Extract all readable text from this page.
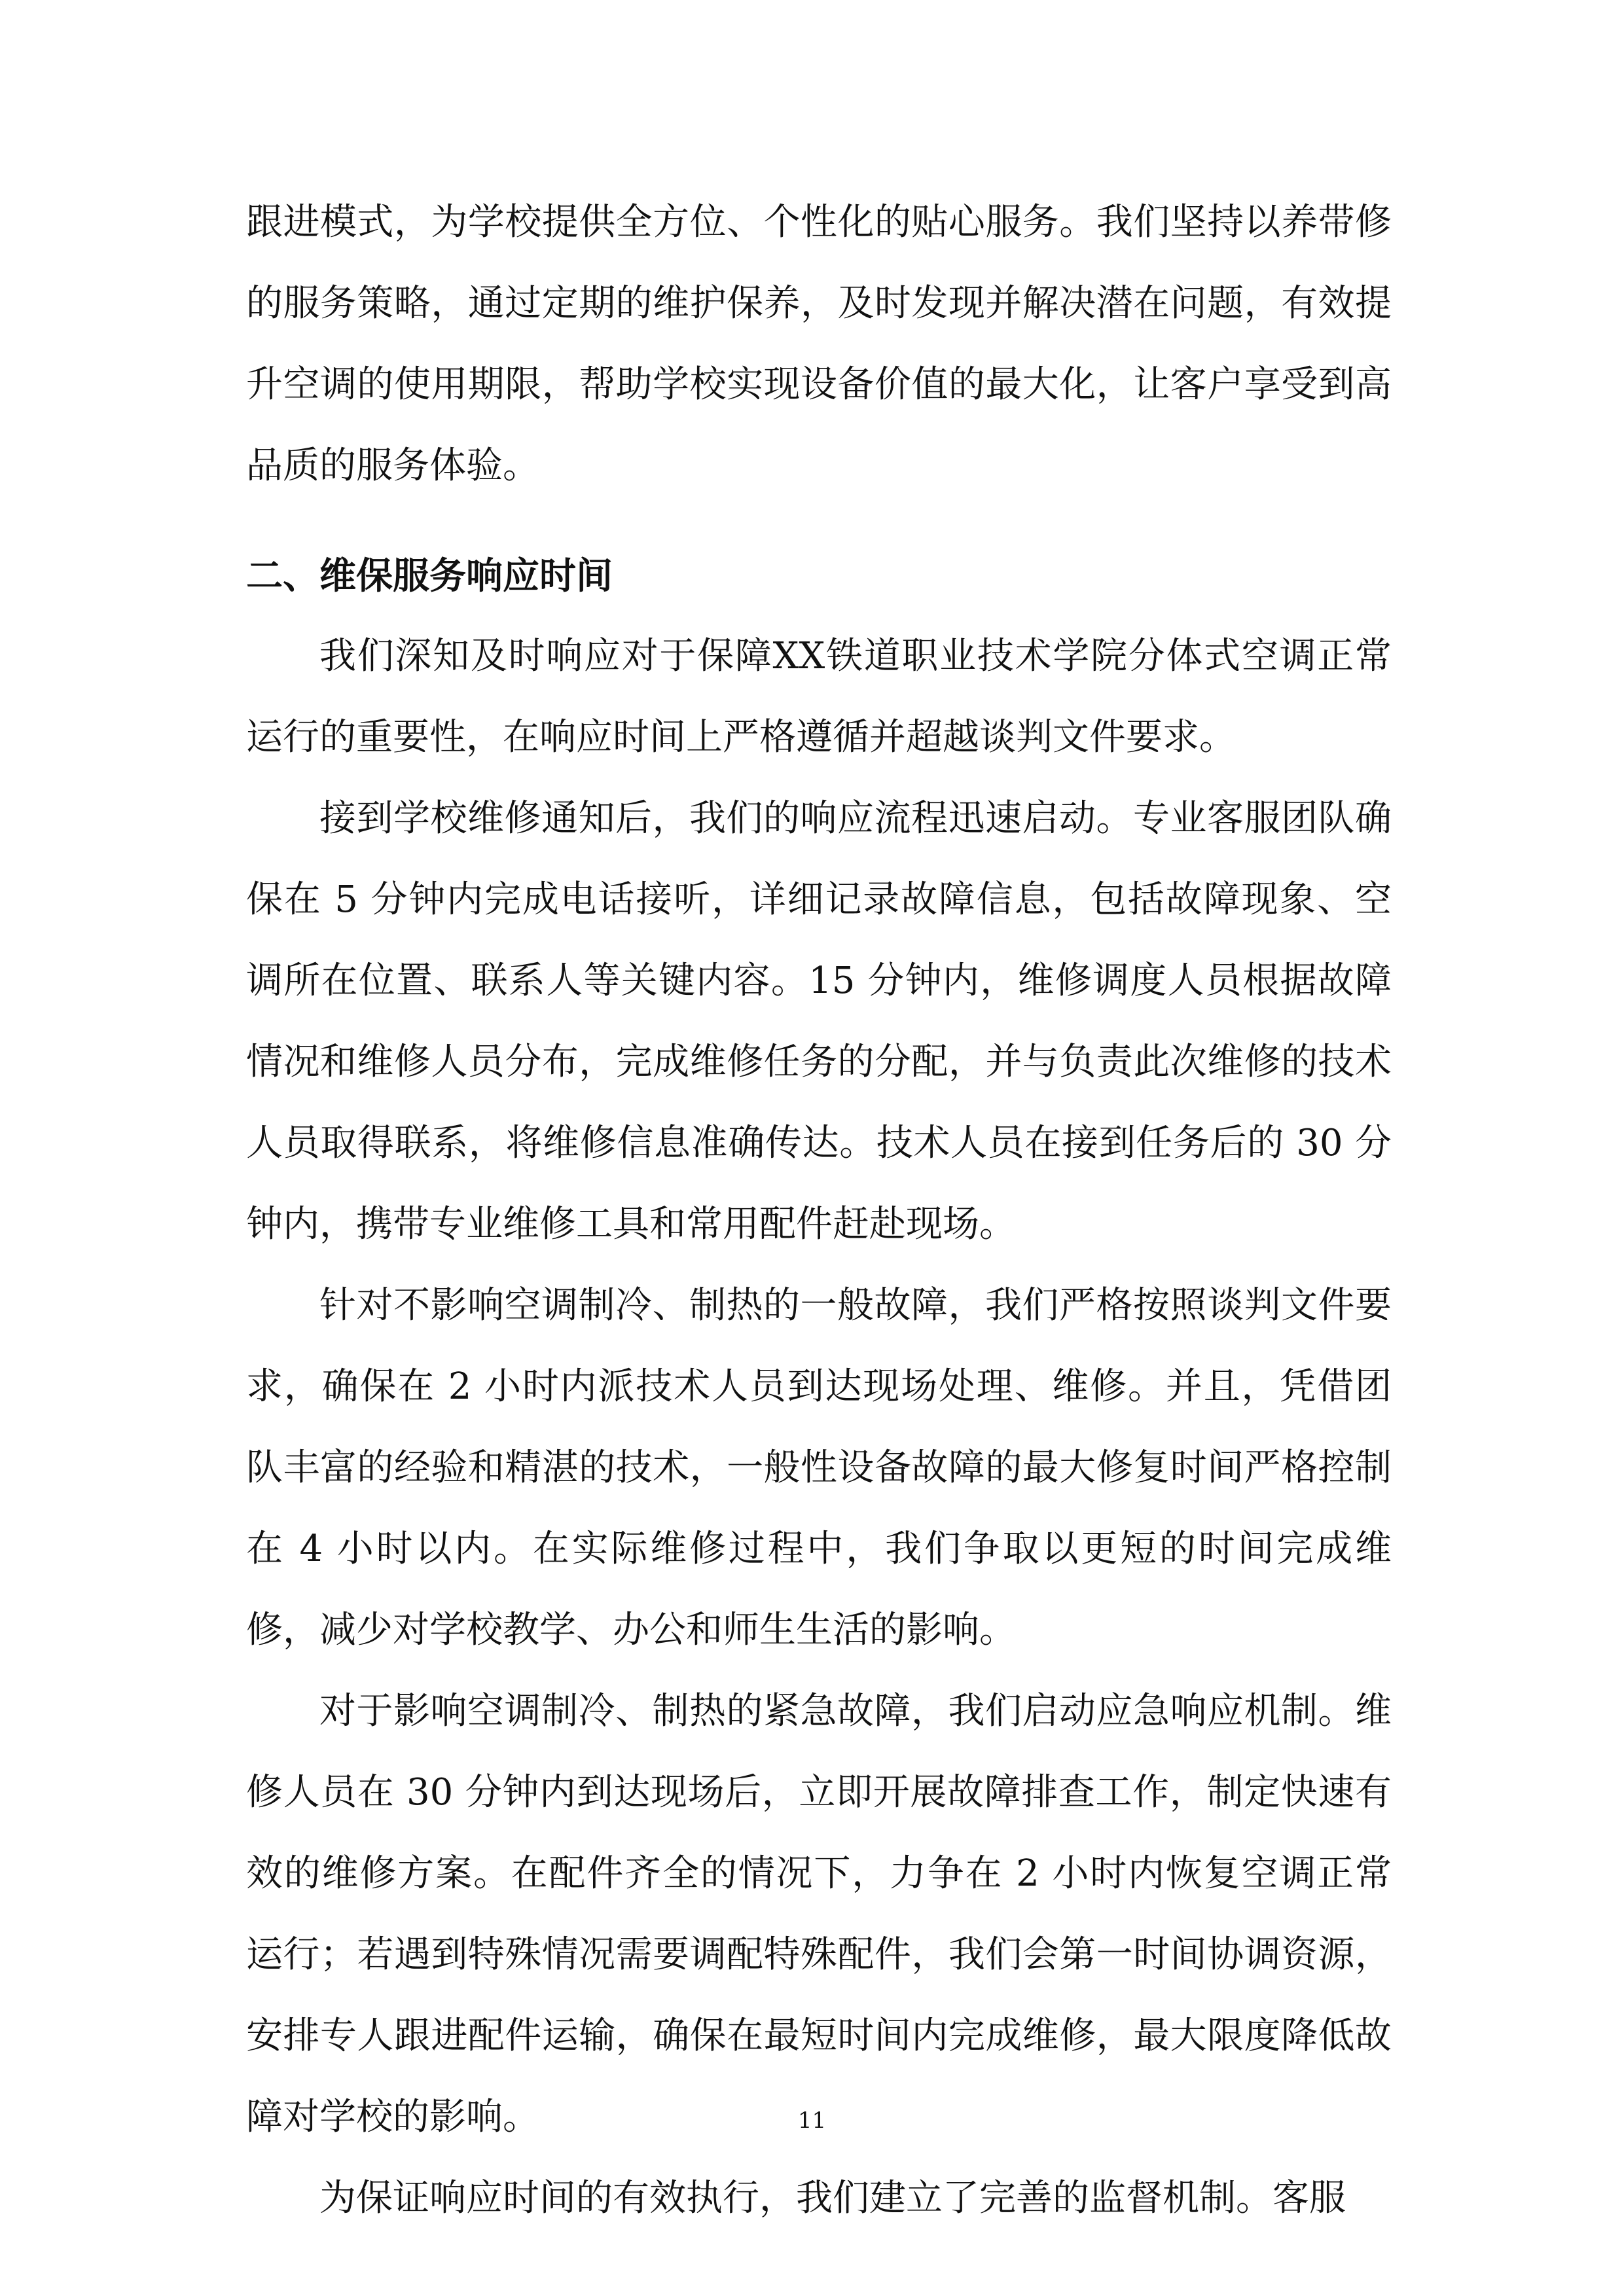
跟进模式，为学校提供全方位、个性化的贴心服务。我们坚持以养带修的服务策略，通过定期的维护保养，及时发现并解决潜在问题，有效提升空调的使用期限，帮助学校实现设备价值的最大化，让客户享受到高品质的服务体验。

二、维保服务响应时间

我们深知及时响应对于保障XX铁道职业技术学院分体式空调正常运行的重要性，在响应时间上严格遵循并超越谈判文件要求。

接到学校维修通知后，我们的响应流程迅速启动。专业客服团队确保在 5 分钟内完成电话接听，详细记录故障信息，包括故障现象、空调所在位置、联系人等关键内容。15 分钟内，维修调度人员根据故障情况和维修人员分布，完成维修任务的分配，并与负责此次维修的技术人员取得联系，将维修信息准确传达。技术人员在接到任务后的 30 分钟内，携带专业维修工具和常用配件赶赴现场。

针对不影响空调制冷、制热的一般故障，我们严格按照谈判文件要求，确保在 2 小时内派技术人员到达现场处理、维修。并且，凭借团队丰富的经验和精湛的技术，一般性设备故障的最大修复时间严格控制在 4 小时以内。在实际维修过程中，我们争取以更短的时间完成维修，减少对学校教学、办公和师生生活的影响。

对于影响空调制冷、制热的紧急故障，我们启动应急响应机制。维修人员在 30 分钟内到达现场后，立即开展故障排查工作，制定快速有效的维修方案。在配件齐全的情况下，力争在 2 小时内恢复空调正常运行；若遇到特殊情况需要调配特殊配件，我们会第一时间协调资源，安排专人跟进配件运输，确保在最短时间内完成维修，最大限度降低故障对学校的影响。

为保证响应时间的有效执行，我们建立了完善的监督机制。客服

11
